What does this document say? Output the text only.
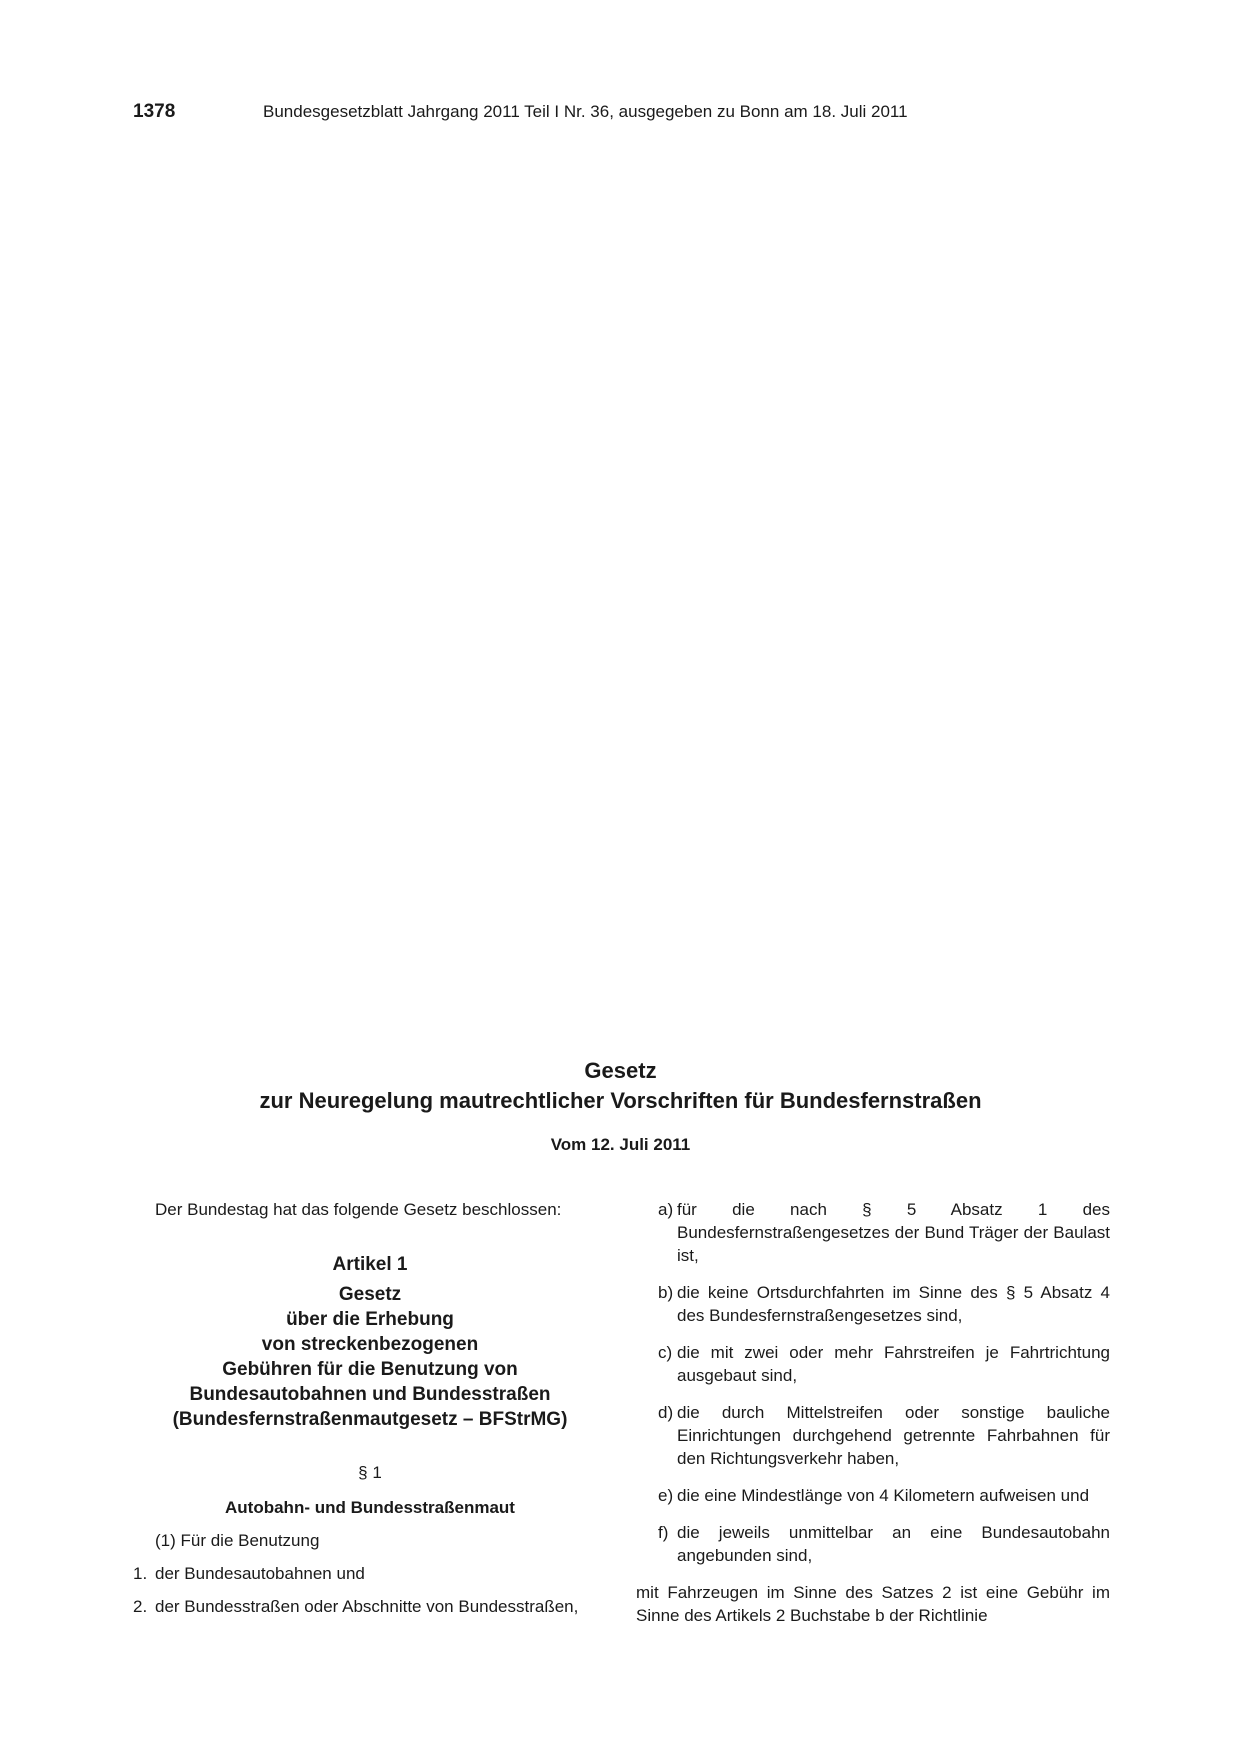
1378	Bundesgesetzblatt Jahrgang 2011 Teil I Nr. 36, ausgegeben zu Bonn am 18. Juli 2011
Gesetz
zur Neuregelung mautrechtlicher Vorschriften für Bundesfernstraßen
Vom 12. Juli 2011

Der Bundestag hat das folgende Gesetz beschlossen:

Artikel 1
Gesetz
über die Erhebung
von streckenbezogenen
Gebühren für die Benutzung von
Bundesautobahnen und Bundesstraßen
(Bundesfernstraßenmautgesetz – BFStrMG)
§ 1
Autobahn- und Bundesstraßenmaut
(1) Für die Benutzung
1. der Bundesautobahnen und
2. der Bundesstraßen oder Abschnitte von Bundesstraßen,
a) für die nach § 5 Absatz 1 des Bundesfernstraßengesetzes der Bund Träger der Baulast ist,
b) die keine Ortsdurchfahrten im Sinne des § 5 Absatz 4 des Bundesfernstraßengesetzes sind,
c) die mit zwei oder mehr Fahrstreifen je Fahrtrichtung ausgebaut sind,
d) die durch Mittelstreifen oder sonstige bauliche Einrichtungen durchgehend getrennte Fahrbahnen für den Richtungsverkehr haben,
e) die eine Mindestlänge von 4 Kilometern aufweisen und
f) die jeweils unmittelbar an eine Bundesautobahn angebunden sind,

mit Fahrzeugen im Sinne des Satzes 2 ist eine Gebühr im Sinne des Artikels 2 Buchstabe b der Richtlinie
